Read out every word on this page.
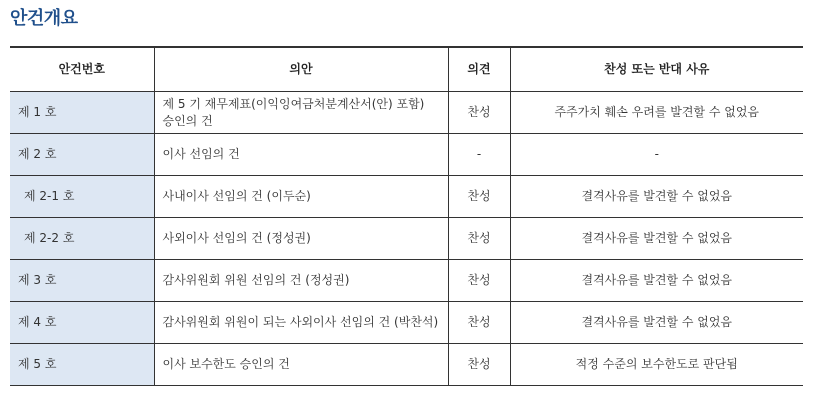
안건개요
안건번호	의안	의견	찬성 또는 반대 사유
제 1 호	제 5 기 재무제표(이익잉여금처분계산서(안) 포함) 승인의 건	찬성	주주가치 훼손 우려를 발견할 수 없었음
제 2 호	이사 선임의 건	-	-
제 2-1 호	사내이사 선임의 건 (이두순)	찬성	결격사유를 발견할 수 없었음
제 2-2 호	사외이사 선임의 건 (정성권)	찬성	결격사유를 발견할 수 없었음
제 3 호	감사위원회 위원 선임의 건 (정성권)	찬성	결격사유를 발견할 수 없었음
제 4 호	감사위원회 위원이 되는 사외이사 선임의 건 (박찬석)	찬성	결격사유를 발견할 수 없었음
제 5 호	이사 보수한도 승인의 건	찬성	적정 수준의 보수한도로 판단됨
